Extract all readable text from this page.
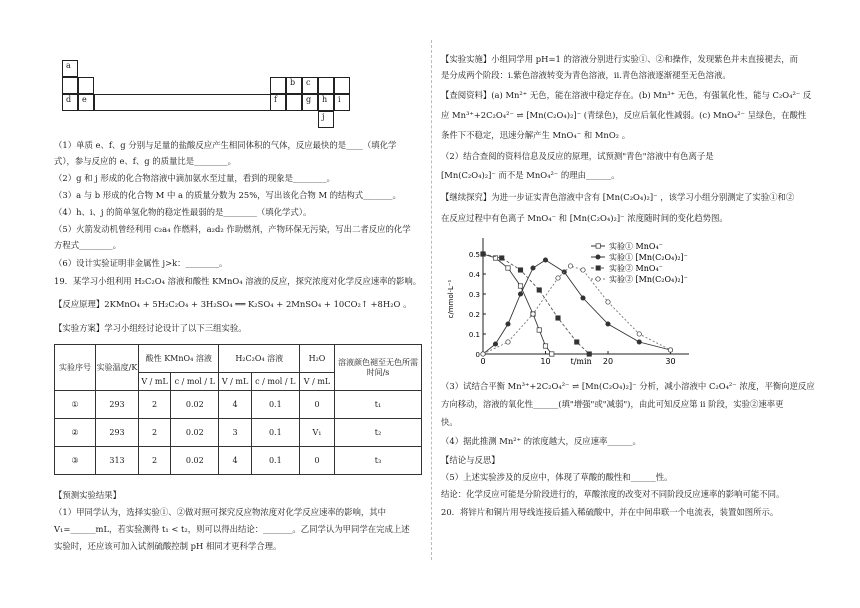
a
d	e
b	c
f	g	h	i
j
（1）单质 e、f、g 分别与足量的盐酸反应产生相同体积的气体，反应最快的是____（填化学
式），参与反应的 e、f、g 的质量比是________。
（2）g 和 j 形成的化合物溶液中滴加氨水至过量，看到的现象是________。
（3）a 与 b 形成的化合物 M 中 a 的质量分数为 25%，写出该化合物 M 的结构式_______。
（4）h、i、j 的简单氢化物的稳定性最弱的是________（填化学式）。
（5）火箭发动机曾经利用 c₂a₄ 作燃料，a₂d₂ 作助燃剂，产物环保无污染，写出二者反应的化学
方程式________。
（6）设计实验证明非金属性 j>k：________。
19．某学习小组利用 H₂C₂O₄ 溶液和酸性 KMnO₄ 溶液的反应，探究浓度对化学反应速率的影响。
【反应原理】2KMnO₄ + 5H₂C₂O₄ + 3H₂SO₄ ══ K₂SO₄ + 2MnSO₄ + 10CO₂↑ +8H₂O 。
【实验方案】学习小组经讨论设计了以下三组实验。
实验序号	实验温度/K	酸性 KMnO₄ 溶液		H₂C₂O₄ 溶液		H₂O	溶液颜色褪至无色所需时间/s
		V / mL	c / mol / L	V / mL	c / mol / L	V / mL	
①	293	2	0.02	4	0.1	0	t₁
②	293	2	0.02	3	0.1	V₁	t₂
③	313	2	0.02	4	0.1	0	t₃
【预测实验结果】
（1）甲同学认为，选择实验①、②做对照可探究反应物浓度对化学反应速率的影响，其中
V₁=______mL，若实验测得 t₁ < t₂，则可以得出结论：_______。乙同学认为甲同学在完成上述
实验时，还应该可加入试剂硫酸控制 pH 相同才更科学合理。
【实验实施】小组同学用 pH=1 的溶液分别进行实验①、②和操作，发现紫色并未直接褪去，而
是分成两个阶段：ⅰ.紫色溶液转变为青色溶液，ⅱ.青色溶液逐渐褪至无色溶液。
【查阅资料】(a) Mn²⁺ 无色，能在溶液中稳定存在。(b) Mn³⁺ 无色，有强氧化性，能与 C₂O₄²⁻ 反
应 Mn³⁺+2C₂O₄²⁻ ⇌ [Mn(C₂O₄)₂]⁻ (青绿色)，反应后氧化性减弱。(c) MnO₄²⁻ 呈绿色，在酸性
条件下不稳定，迅速分解产生 MnO₄⁻ 和 MnO₂ 。
（2）结合查阅的资料信息及反应的原理，试预测"青色"溶液中有色离子是
[Mn(C₂O₄)₂]⁻ 而不是 MnO₄²⁻ 的理由______。
【继续探究】为进一步证实青色溶液中含有 [Mn(C₂O₄)₂]⁻ ，该学习小组分别测定了实验①和②
在反应过程中有色离子 MnO₄⁻ 和 [Mn(C₂O₄)₂]⁻ 浓度随时间的变化趋势图。
0	10	20	30
0
0.1
0.2
0.3
0.4
0.5
t/min
c/mmol·L⁻¹
实验① MnO₄⁻
实验① [Mn(C₂O₄)₂]⁻
实验② MnO₄⁻
实验② [Mn(C₂O₄)₂]⁻
（3）试结合平衡 Mn³⁺+2C₂O₄²⁻ ⇌ [Mn(C₂O₄)₂]⁻ 分析，减小溶液中 C₂O₄²⁻ 浓度，平衡向逆反应
方向移动，溶液的氧化性______(填"增强"或"减弱")，由此可知反应第 ii 阶段，实验②速率更
快。
（4）据此推测 Mn²⁺ 的浓度越大，反应速率______。
【结论与反思】
（5）上述实验涉及的反应中，体现了草酸的酸性和______性。
结论：化学反应可能是分阶段进行的，草酸浓度的改变对不同阶段反应速率的影响可能不同。
20．将锌片和铜片用导线连接后插入稀硫酸中，并在中间串联一个电流表，装置如图所示。
